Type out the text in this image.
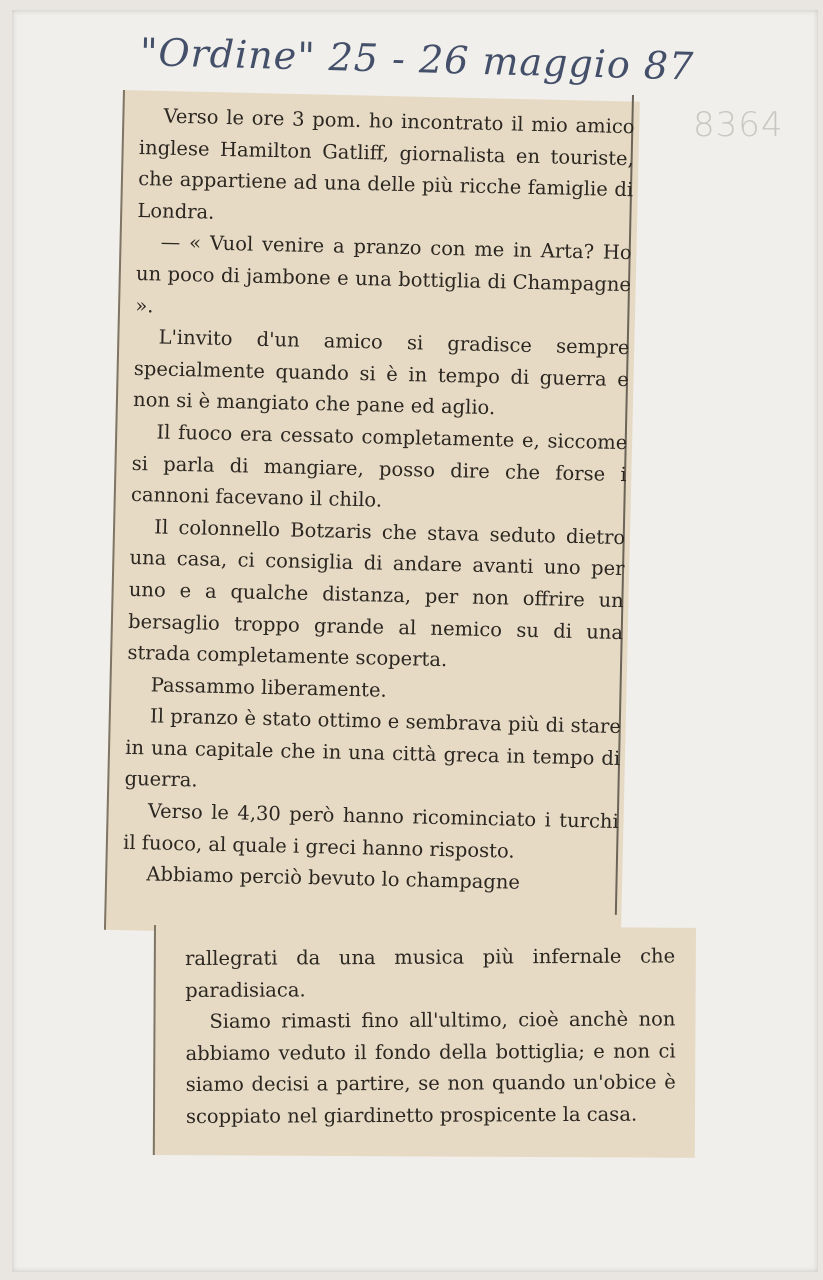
"Ordine" 25 - 26 maggio 87
8364

Verso le ore 3 pom. ho incontrato il mio amico inglese Hamilton Gatliff, giornalista en touriste, che appartiene ad una delle più ricche famiglie di Londra.

— « Vuol venire a pranzo con me in Arta? Ho un poco di jambone e una bottiglia di Champagne ».

L'invito d'un amico si gradisce sempre specialmente quando si è in tempo di guerra e non si è mangiato che pane ed aglio.

Il fuoco era cessato completamente e, siccome si parla di mangiare, posso dire che forse i cannoni facevano il chilo.

Il colonnello Botzaris che stava seduto dietro una casa, ci consiglia di andare avanti uno per uno e a qualche distanza, per non offrire un bersaglio troppo grande al nemico su di una strada completamente scoperta.

Passammo liberamente.

Il pranzo è stato ottimo e sembrava più di stare in una capitale che in una città greca in tempo di guerra.

Verso le 4,30 però hanno ricominciato i turchi il fuoco, al quale i greci hanno risposto.

Abbiamo perciò bevuto lo champagne

rallegrati da una musica più infernale che paradisiaca.

Siamo rimasti fino all'ultimo, cioè anchè non abbiamo veduto il fondo della bottiglia; e non ci siamo decisi a partire, se non quando un'obice è scoppiato nel giardinetto prospicente la casa.
